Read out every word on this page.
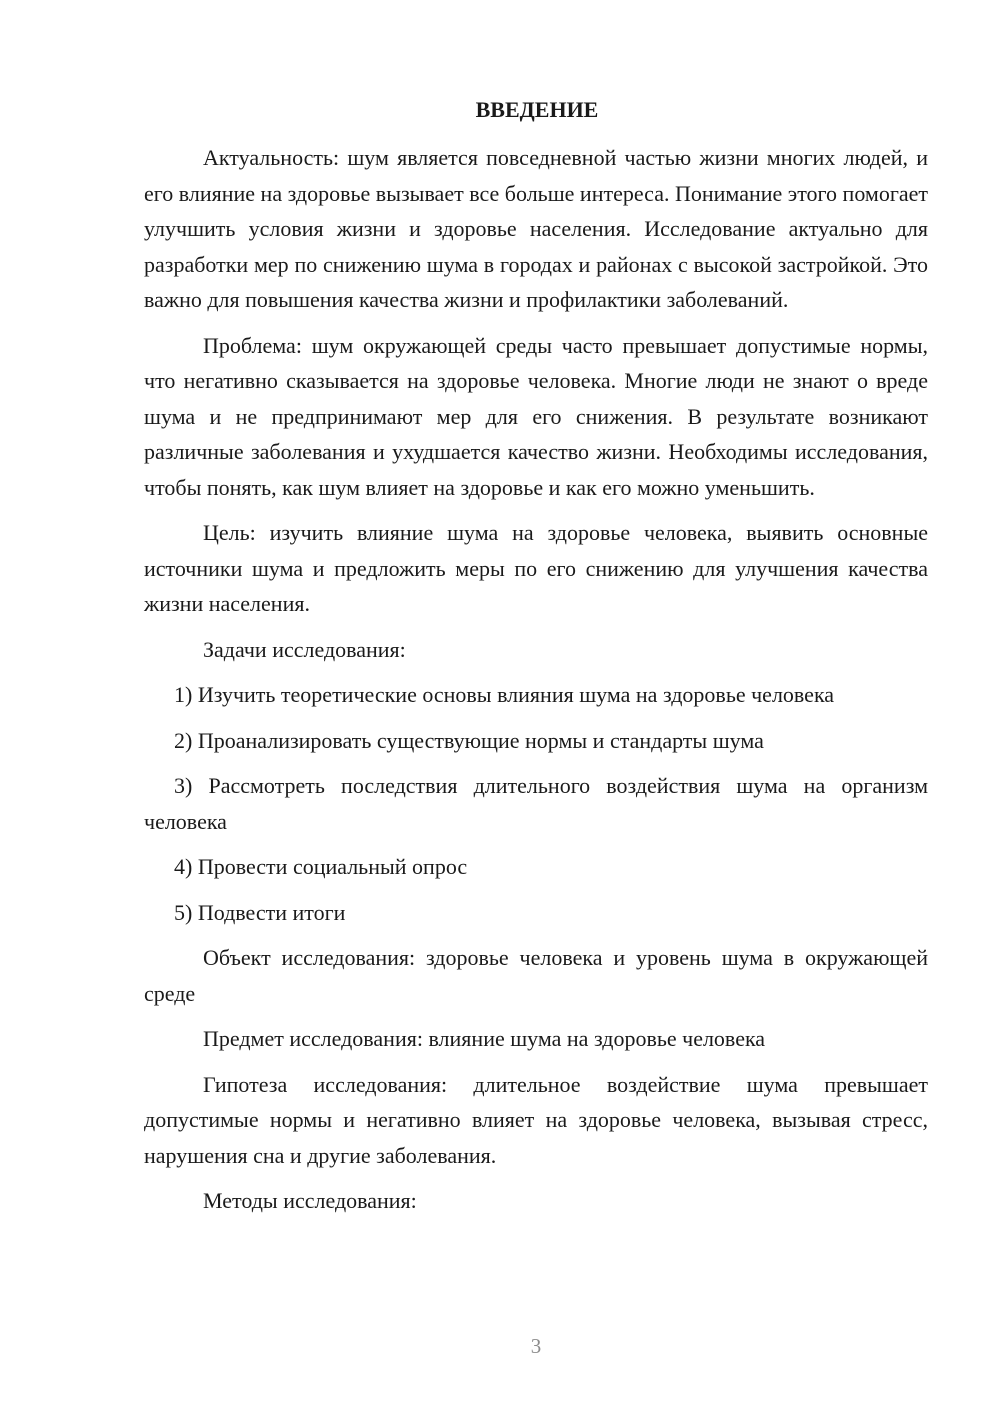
ВВЕДЕНИЕ

Актуальность: шум является повседневной частью жизни многих людей, и его влияние на здоровье вызывает все больше интереса. Понимание этого помогает улучшить условия жизни и здоровье населения. Исследование актуально для разработки мер по снижению шума в городах и районах с высокой застройкой. Это важно для повышения качества жизни и профилактики заболеваний.

Проблема: шум окружающей среды часто превышает допустимые нормы, что негативно сказывается на здоровье человека. Многие люди не знают о вреде шума и не предпринимают мер для его снижения. В результате возникают различные заболевания и ухудшается качество жизни. Необходимы исследования, чтобы понять, как шум влияет на здоровье и как его можно уменьшить.

Цель: изучить влияние шума на здоровье человека, выявить основные источники шума и предложить меры по его снижению для улучшения качества жизни населения.

Задачи исследования:

1) Изучить теоретические основы влияния шума на здоровье человека

2) Проанализировать существующие нормы и стандарты шума

3) Рассмотреть последствия длительного воздействия шума на организм человека

4) Провести социальный опрос

5) Подвести итоги

Объект исследования: здоровье человека и уровень шума в окружающей среде

Предмет исследования: влияние шума на здоровье человека

Гипотеза исследования: длительное воздействие шума превышает допустимые нормы и негативно влияет на здоровье человека, вызывая стресс, нарушения сна и другие заболевания.

Методы исследования:

3
